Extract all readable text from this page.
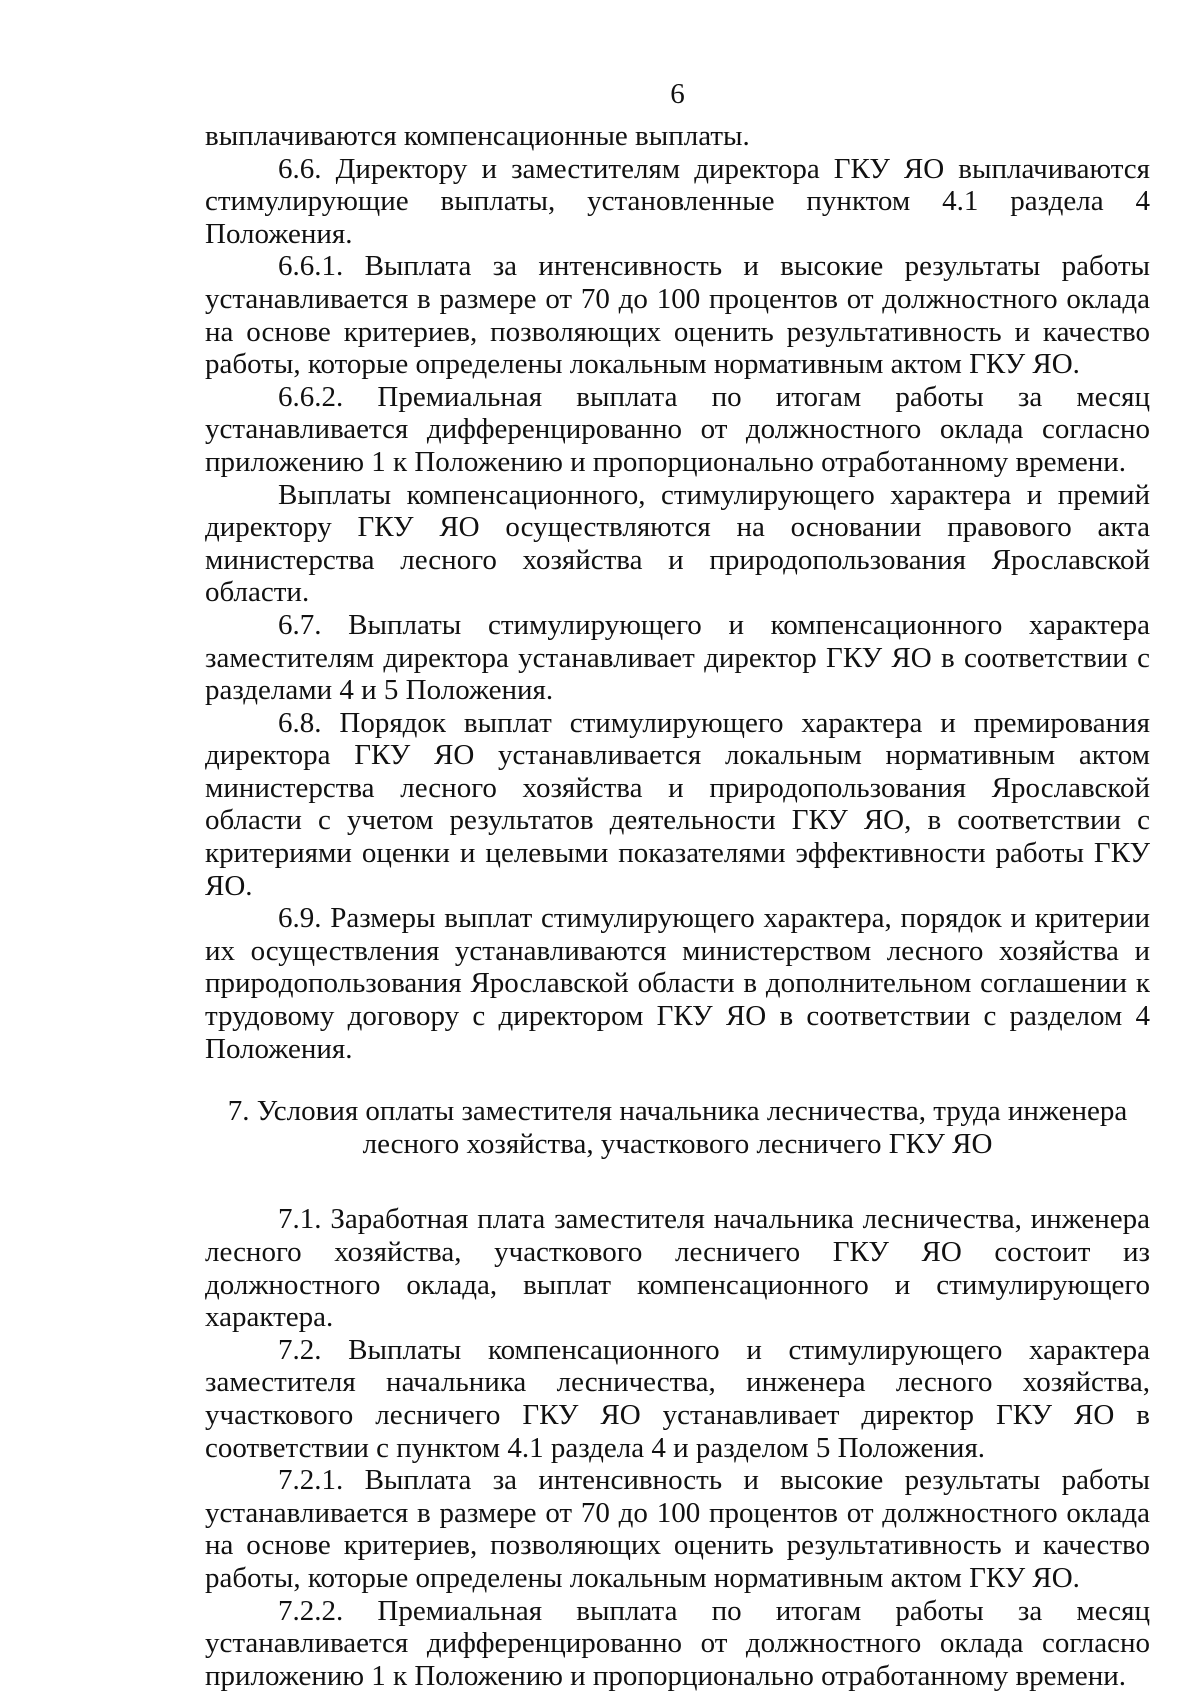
6

выплачиваются компенсационные выплаты.

6.6. Директору и заместителям директора ГКУ ЯО выплачиваются стимулирующие выплаты, установленные пунктом 4.1 раздела 4 Положения.

6.6.1. Выплата за интенсивность и высокие результаты работы устанавливается в размере от 70 до 100 процентов от должностного оклада на основе критериев, позволяющих оценить результативность и качество работы, которые определены локальным нормативным актом ГКУ ЯО.

6.6.2. Премиальная выплата по итогам работы за месяц устанавливается дифференцированно от должностного оклада согласно приложению 1 к Положению и пропорционально отработанному времени.

Выплаты компенсационного, стимулирующего характера и премий директору ГКУ ЯО осуществляются на основании правового акта министерства лесного хозяйства и природопользования Ярославской области.

6.7. Выплаты стимулирующего и компенсационного характера заместителям директора устанавливает директор ГКУ ЯО в соответствии с разделами 4 и 5 Положения.

6.8. Порядок выплат стимулирующего характера и премирования директора ГКУ ЯО устанавливается локальным нормативным актом министерства лесного хозяйства и природопользования Ярославской области с учетом результатов деятельности ГКУ ЯО, в соответствии с критериями оценки и целевыми показателями эффективности работы ГКУ ЯО.

6.9. Размеры выплат стимулирующего характера, порядок и критерии их осуществления устанавливаются министерством лесного хозяйства и природопользования Ярославской области в дополнительном соглашении к трудовому договору с директором ГКУ ЯО в соответствии с разделом 4 Положения.

7. Условия оплаты заместителя начальника лесничества, труда инженера
лесного хозяйства, участкового лесничего ГКУ ЯО

7.1. Заработная плата заместителя начальника лесничества, инженера лесного хозяйства, участкового лесничего ГКУ ЯО состоит из должностного оклада, выплат компенсационного и стимулирующего характера.

7.2. Выплаты компенсационного и стимулирующего характера заместителя начальника лесничества, инженера лесного хозяйства, участкового лесничего ГКУ ЯО устанавливает директор ГКУ ЯО в соответствии с пунктом 4.1 раздела 4 и разделом 5 Положения.

7.2.1. Выплата за интенсивность и высокие результаты работы устанавливается в размере от 70 до 100 процентов от должностного оклада на основе критериев, позволяющих оценить результативность и качество работы, которые определены локальным нормативным актом ГКУ ЯО.

7.2.2. Премиальная выплата по итогам работы за месяц устанавливается дифференцированно от должностного оклада согласно приложению 1 к Положению и пропорционально отработанному времени.
